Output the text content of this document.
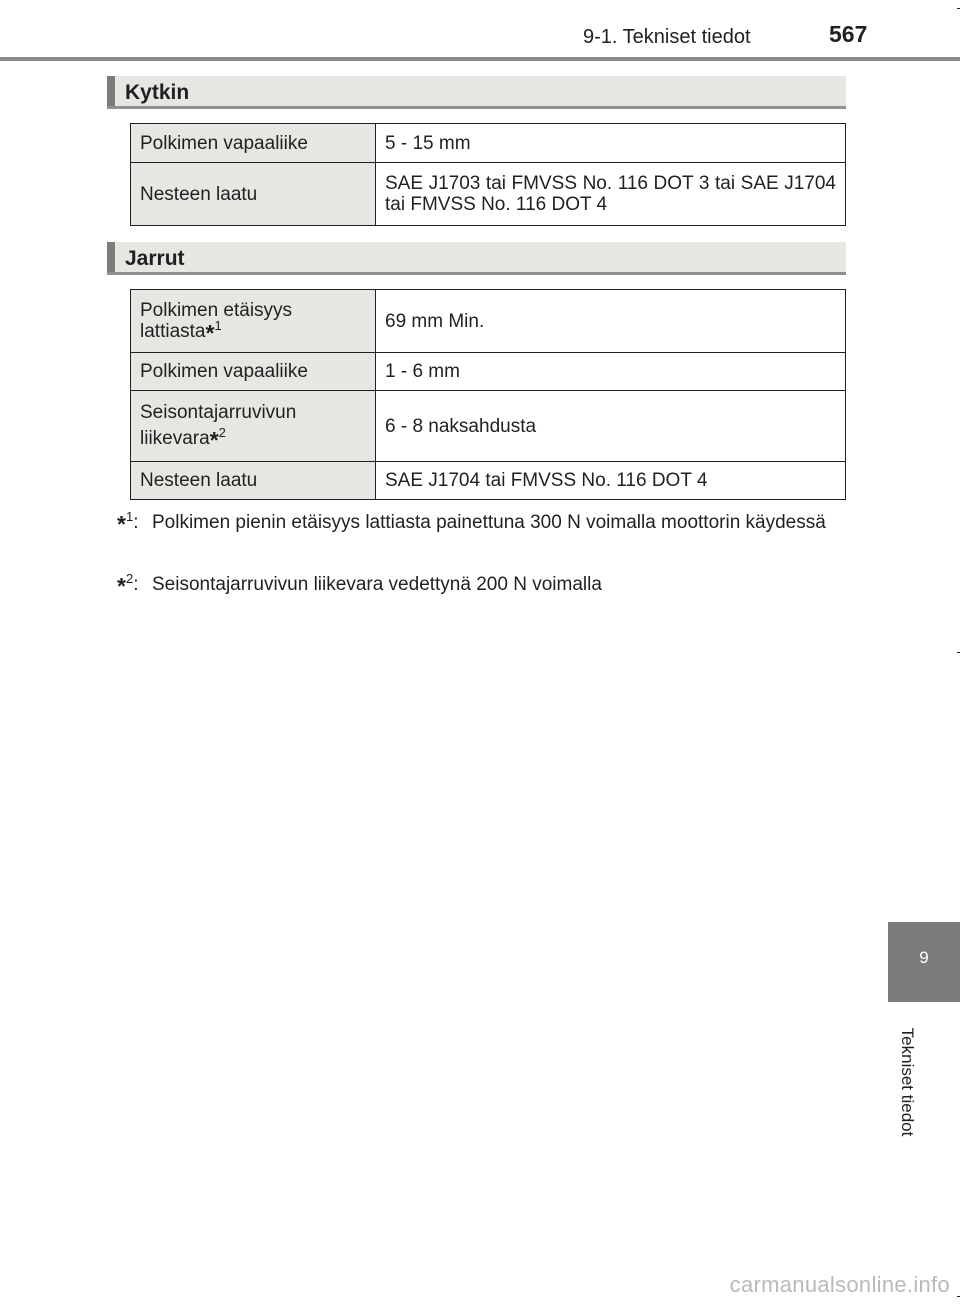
9-1. Tekniset tiedot	567
Kytkin
Polkimen vapaaliike	5 - 15 mm
Nesteen laatu	SAE J1703 tai FMVSS No. 116 DOT 3 tai SAE J1704 tai FMVSS No. 116 DOT 4
Jarrut
Polkimen etäisyys
lattiasta*$^1$	69 mm Min.
Polkimen vapaaliike	1 - 6 mm
Seisontajarruvivun
liikevara*$^2$	6 - 8 naksahdusta
Nesteen laatu	SAE J1704 tai FMVSS No. 116 DOT 4
*$^1$: Polkimen pienin etäisyys lattiasta painettuna 300 N voimalla moottorin käydessä
*$^2$: Seisontajarruvivun liikevara vedettynä 200 N voimalla
9
Tekniset tiedot
carmanualsonline.info
